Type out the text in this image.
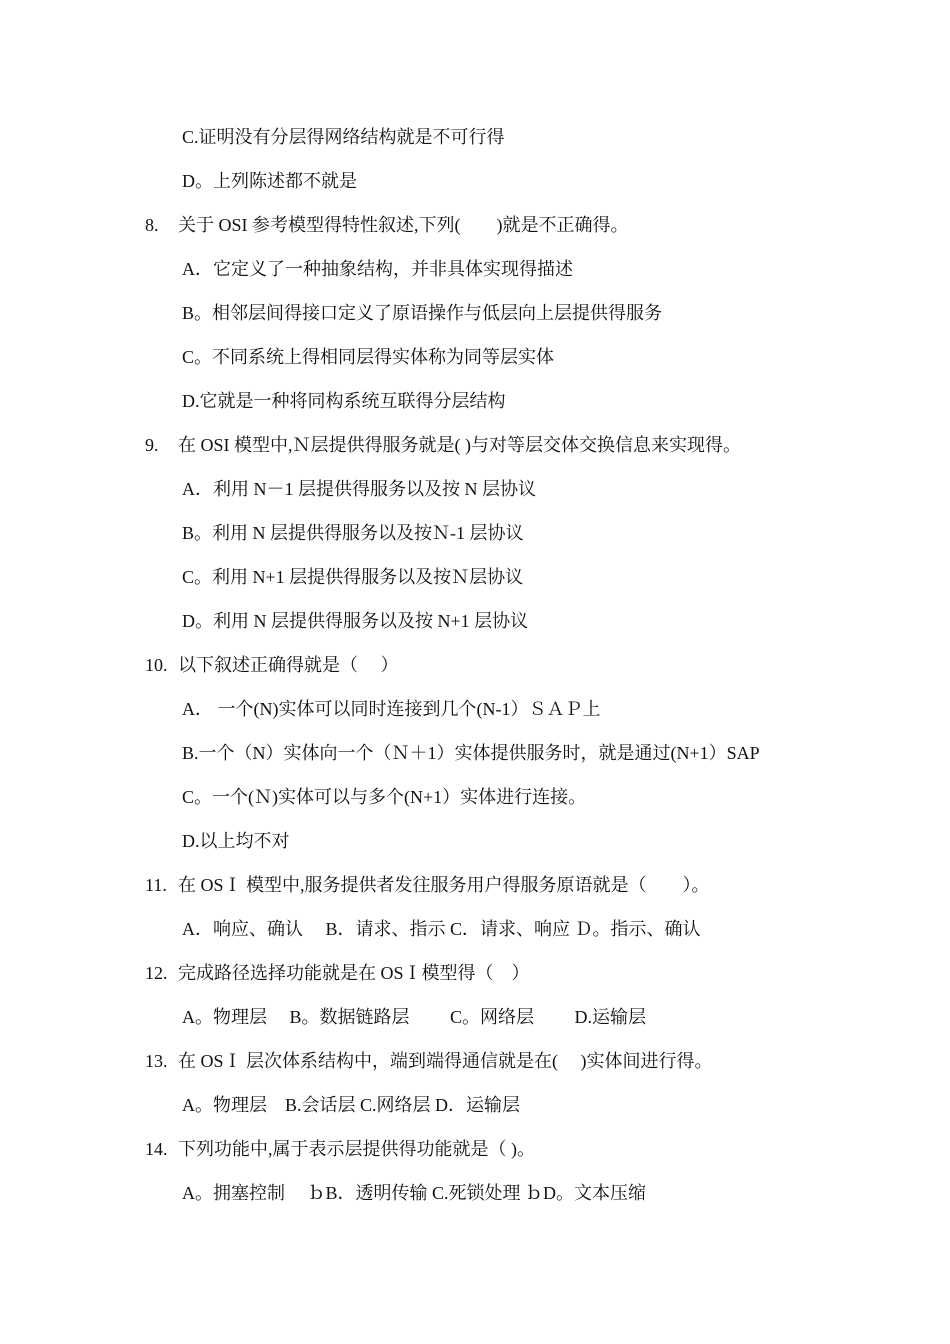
C.证明没有分层得网络结构就是不可行得
D。上列陈述都不就是
8. 关于 OSI 参考模型得特性叙述,下列(　　)就是不正确得。
A．它定义了一种抽象结构，并非具体实现得描述
B。相邻层间得接口定义了原语操作与低层向上层提供得服务
C。不同系统上得相同层得实体称为同等层实体
D.它就是一种将同构系统互联得分层结构
9. 在 OSI 模型中,Ｎ层提供得服务就是( )与对等层交体交换信息来实现得。
A．利用 N－1 层提供得服务以及按 N 层协议
B。利用 N 层提供得服务以及按Ｎ-1 层协议
C。利用 N+1 层提供得服务以及按Ｎ层协议
D。利用 N 层提供得服务以及按 N+1 层协议
10. 以下叙述正确得就是（　 ）
A． 一个(N)实体可以同时连接到几个(N-1）ＳＡＰ上
B.一个（N）实体向一个（Ｎ＋1）实体提供服务时，就是通过(N+1）SAP
C。一个(Ｎ)实体可以与多个(N+1）实体进行连接。
D.以上均不对
11. 在 OSＩ 模型中,服务提供者发往服务用户得服务原语就是（　　）。
A．响应、确认 　B．请求、指示 C．请求、响应 Ｄ。指示、确认
12. 完成路径选择功能就是在 OSＩ模型得（　）
A。物理层　 B。数据链路层　　 C。网络层　　 D.运输层
13. 在 OSＩ 层次体系结构中，端到端得通信就是在(　 )实体间进行得。
A。物理层　B.会话层 C.网络层 D．运输层
14. 下列功能中,属于表示层提供得功能就是（ )。
A。拥塞控制　 ｂB．透明传输 C.死锁处理 ｂD。文本压缩
